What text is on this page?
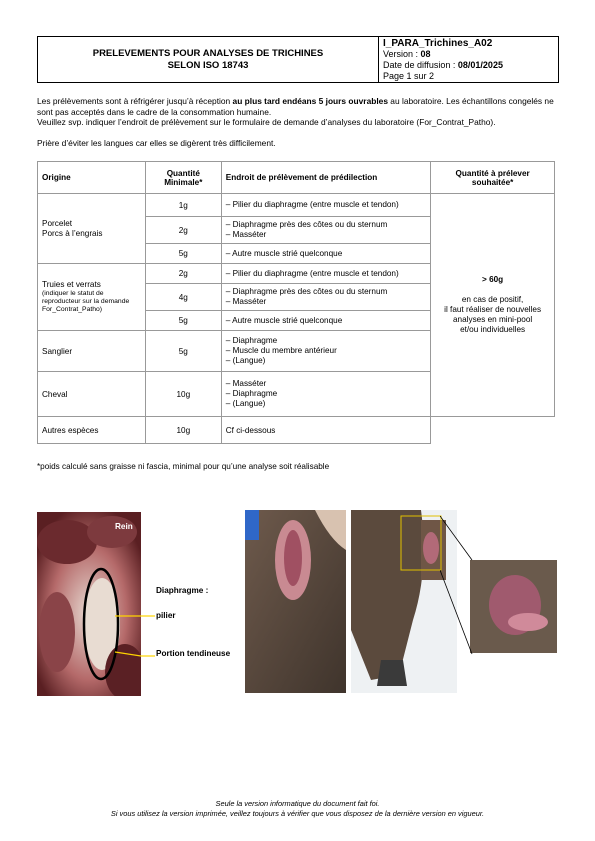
PRELEVEMENTS POUR ANALYSES DE TRICHINES
SELON ISO 18743
I_PARA_Trichines_A02
Version : 08
Date de diffusion : 08/01/2025
Page 1 sur 2

Les prélèvements sont à réfrigérer jusqu’à réception au plus tard endéans 5 jours ouvrables au laboratoire. Les échantillons congelés ne sont pas acceptés dans le cadre de la consommation humaine.

Veuillez svp. indiquer l’endroit de prélèvement sur le formulaire de demande d’analyses du laboratoire (For_Contrat_Patho).

Prière d’éviter les langues car elles se digèrent très difficilement.
Origine	Quantité Minimale*	Endroit de prélèvement de prédilection	Quantité à prélever souhaitée*
Porcelet
Porcs à l’engrais	1g	– Pilier du diaphragme (entre muscle et tendon)	> 60g

en cas de positif,
il faut réaliser de nouvelles
analyses en mini-pool
et/ou individuelles
	2g	– Diaphragme près des côtes ou du sternum
– Masséter

	5g	– Autre muscle strié quelconque

Truies et verrats
(indiquer le statut de reproducteur sur la demande For_Contrat_Patho)	2g	– Pilier du diaphragme (entre muscle et tendon)

	4g	– Diaphragme près des côtes ou du sternum
– Masséter

	5g	– Autre muscle strié quelconque

Sanglier	5g	– Diaphragme
– Muscle du membre antérieur
– (Langue)

Cheval	10g	– Masséter
– Diaphragme
– (Langue)

Autres espèces	10g	Cf ci-dessous	
*poids calculé sans graisse ni fascia, minimal pour qu’une analyse soit réalisable
Rein
Diaphragme :
pilier
Portion tendineuse
Seule la version informatique du document fait foi.
Si vous utilisez la version imprimée, veillez toujours à vérifier que vous disposez de la dernière version en vigueur.
